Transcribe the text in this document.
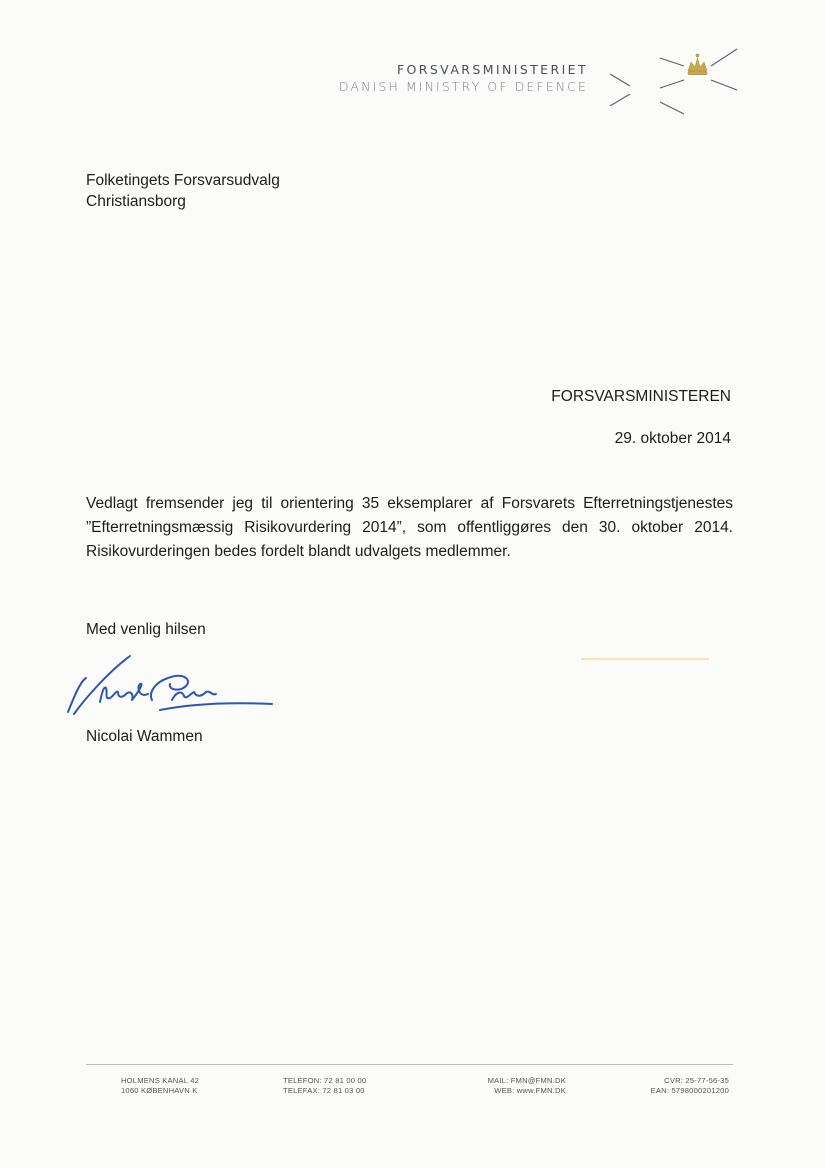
FORSVARSMINISTERIET
DANISH MINISTRY OF DEFENCE
Folketingets Forsvarsudvalg
Christiansborg
FORSVARSMINISTEREN
29. oktober 2014
Vedlagt fremsender jeg til orientering 35 eksemplarer af Forsvarets Efterretningstjenestes ”Efterretningsmæssig Risikovurdering 2014”, som offentliggøres den 30. oktober 2014. Risikovurderingen bedes fordelt blandt udvalgets medlemmer.
Med venlig hilsen
Nicolai Wammen
HOLMENS KANAL 42
1060 KØBENHAVN K
TELEFON: 72 81 00 00
TELEFAX: 72 81 03 00
MAIL: FMN@FMN.DK
WEB: www.FMN.DK
CVR: 25-77-56-35
EAN: 5798000201200
